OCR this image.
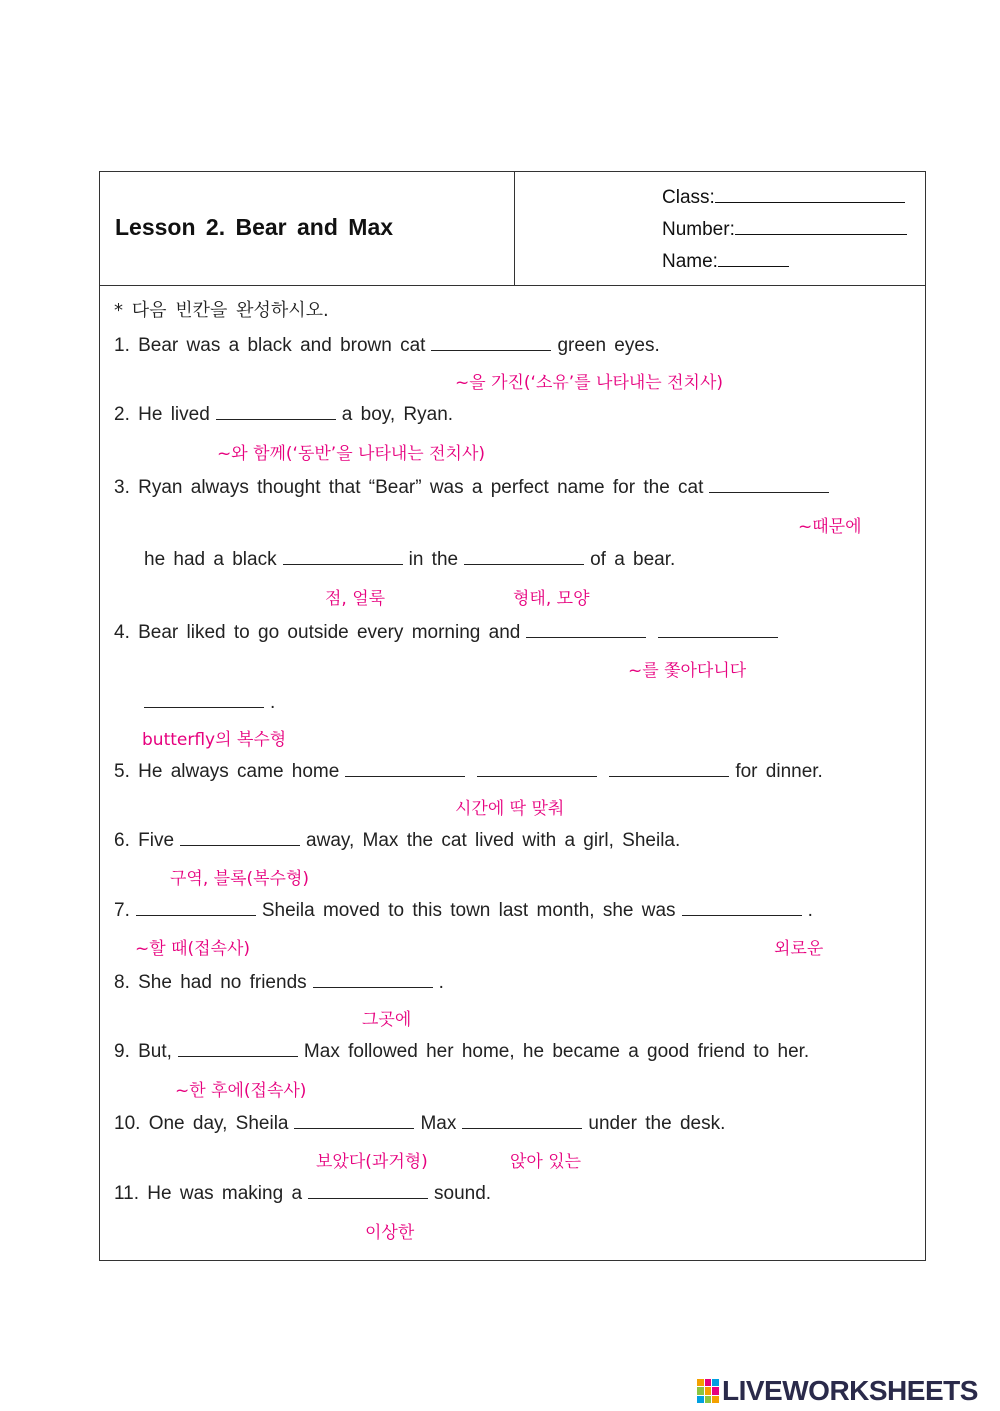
Lesson 2. Bear and Max
Class:
Number:
Name:
* 다음 빈칸을 완성하시오.
1. Bear was a black and brown cat	green eyes.
~을 가진(‘소유’를 나타내는 전치사)
2. He lived	a boy, Ryan.
~와 함께(‘동반’을 나타내는 전치사)
3. Ryan always thought that “Bear” was a perfect name for the cat
~때문에
he had a black	in the	of a bear.
점, 얼룩	형태, 모양
4. Bear liked to go outside every morning and
~를 쫓아다니다
.
butterfly의 복수형
5. He always came home	for dinner.
시간에 딱 맞춰
6. Five	away, Max the cat lived with a girl, Sheila.
구역, 블록(복수형)
7.	Sheila moved to this town last month, she was	.
~할 때(접속사)	외로운
8. She had no friends	.
그곳에
9. But,	Max followed her home, he became a good friend to her.
~한 후에(접속사)
10. One day, Sheila	Max	under the desk.
보았다(과거형)	앉아 있는
11. He was making a	sound.
이상한
LIVEWORKSHEETS
